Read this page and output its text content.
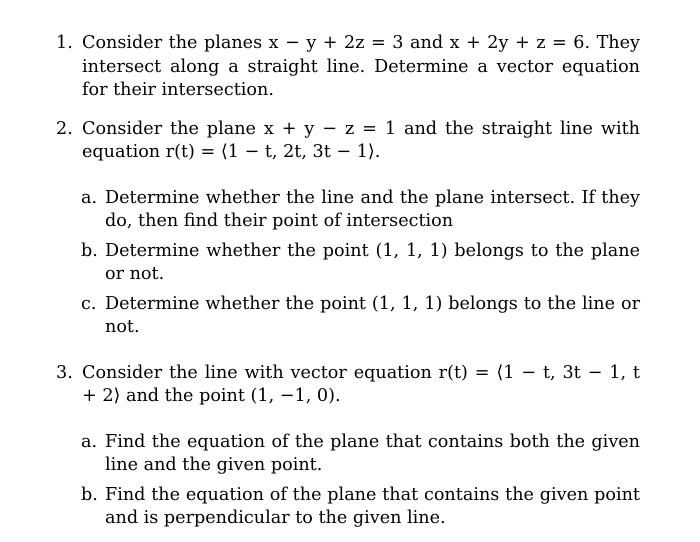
1. Consider the planes x − y + 2z = 3 and x + 2y + z = 6. They intersect along a straight line. Determine a vector equation for their intersection.
2. Consider the plane x + y − z = 1 and the straight line with equation r(t) = ⟨1 − t, 2t, 3t − 1⟩.
a. Determine whether the line and the plane intersect. If they do, then find their point of intersection
b. Determine whether the point (1, 1, 1) belongs to the plane or not.
c. Determine whether the point (1, 1, 1) belongs to the line or not.
3. Consider the line with vector equation r(t) = ⟨1 − t, 3t − 1, t + 2⟩ and the point (1, −1, 0).
a. Find the equation of the plane that contains both the given line and the given point.
b. Find the equation of the plane that contains the given point and is perpendicular to the given line.
